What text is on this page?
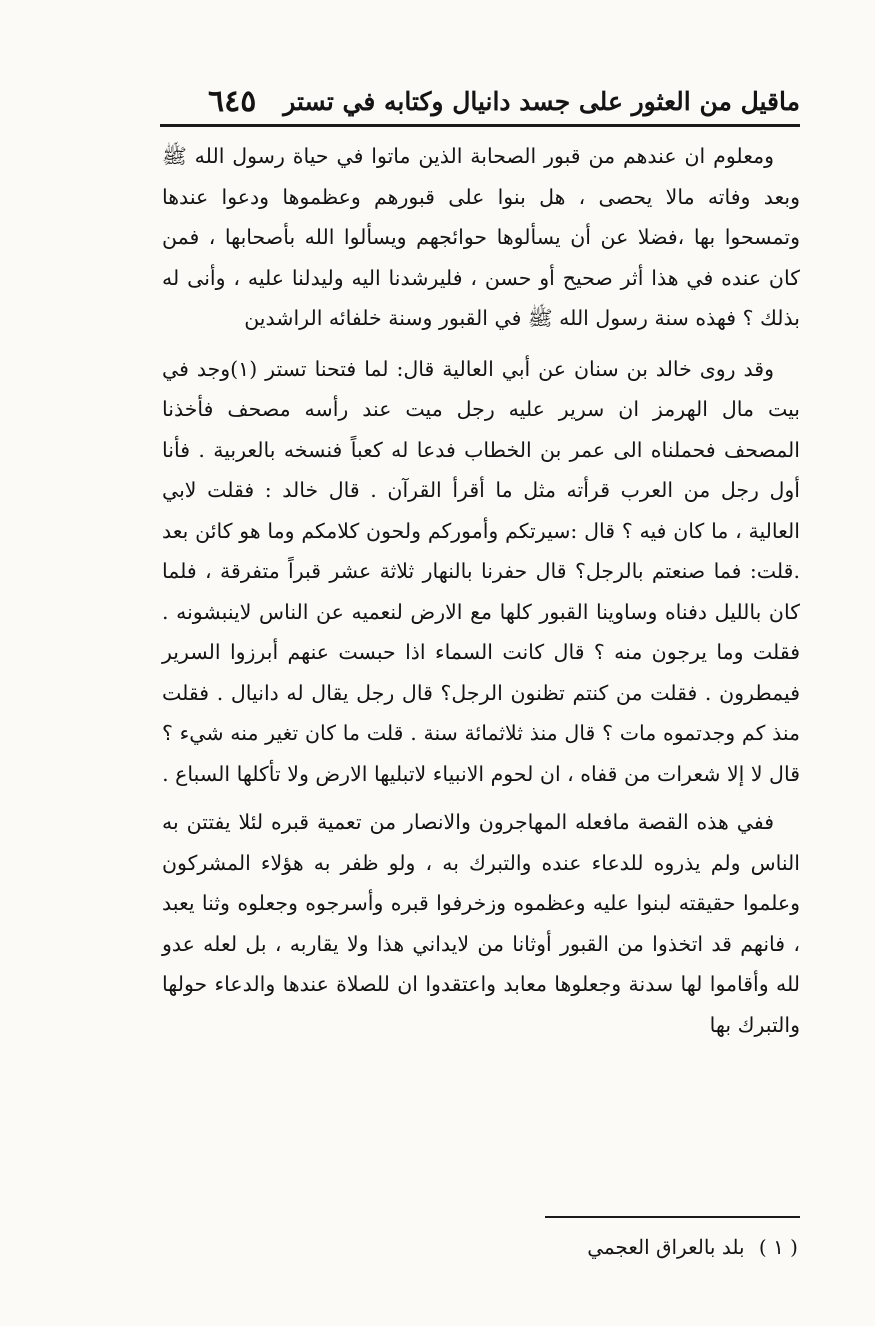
ماقيل من العثور على جسد دانيال وكتابه في تستر
٦٤٥

ومعلوم ان عندهم من قبور الصحابة الذين ماتوا في حياة رسول الله ﷺ وبعد وفاته مالا يحصى ، هل بنوا على قبورهم وعظموها ودعوا عندها وتمسحوا بها ،فضلا عن أن يسألوها حوائجهم ويسألوا الله بأصحابها ، فمن كان عنده في هذا أثر صحيح أو حسن ، فليرشدنا اليه وليدلنا عليه ، وأنى له بذلك ؟ فهذه سنة رسول الله ﷺ في القبور وسنة خلفائه الراشدين

وقد روى خالد بن سنان عن أبي العالية قال: لما فتحنا تستر (١)وجد في بيت مال الهرمز ان سرير عليه رجل ميت عند رأسه مصحف فأخذنا المصحف فحملناه الى عمر بن الخطاب فدعا له كعباً فنسخه بالعربية . فأنا أول رجل من العرب قرأته مثل ما أقرأ القرآن . قال خالد : فقلت لابي العالية ، ما كان فيه ؟ قال :سيرتكم وأموركم ولحون كلامكم وما هو كائن بعد .قلت: فما صنعتم بالرجل؟ قال حفرنا بالنهار ثلاثة عشر قبراً متفرقة ، فلما كان بالليل دفناه وساوينا القبور كلها مع الارض لنعميه عن الناس لاينبشونه . فقلت وما يرجون منه ؟ قال كانت السماء اذا حبست عنهم أبرزوا السرير فيمطرون . فقلت من كنتم تظنون الرجل؟ قال رجل يقال له دانيال . فقلت منذ كم وجدتموه مات ؟ قال منذ ثلاثمائة سنة . قلت ما كان تغير منه شيء ؟ قال لا إلا شعرات من قفاه ، ان لحوم الانبياء لاتبليها الارض ولا تأكلها السباع .

ففي هذه القصة مافعله المهاجرون والانصار من تعمية قبره لئلا يفتتن به الناس ولم يذروه للدعاء عنده والتبرك به ، ولو ظفر به هؤلاء المشركون وعلموا حقيقته لبنوا عليه وعظموه وزخرفوا قبره وأسرجوه وجعلوه وثنا يعبد ، فانهم قد اتخذوا من القبور أوثانا من لايداني هذا ولا يقاربه ، بل لعله عدو لله وأقاموا لها سدنة وجعلوها معابد واعتقدوا ان للصلاة عندها والدعاء حولها والتبرك بها

( ١ ) بلد بالعراق العجمي
